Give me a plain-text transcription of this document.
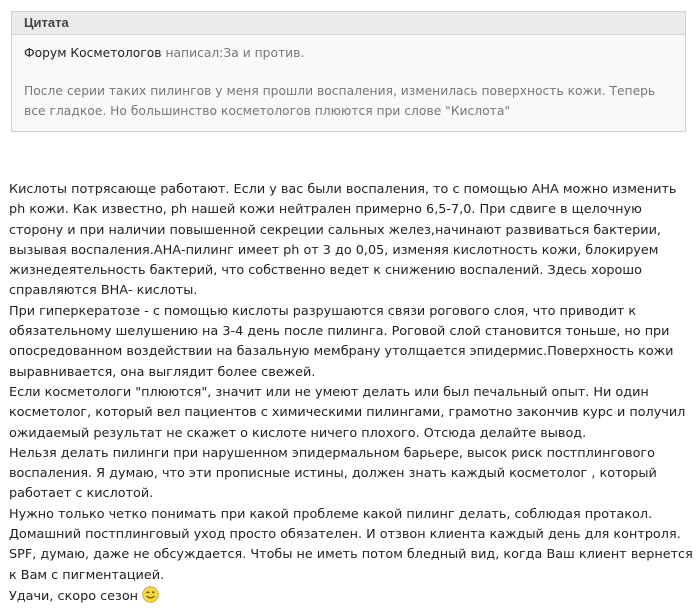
Цитата
Форум Косметологов написал:За и против.
После серии таких пилингов у меня прошли воспаления, изменилась поверхность кожи. Теперь все гладкое. Но большинство косметологов плюются при слове "Кислота"

Кислоты потрясающе работают. Если у вас были воспаления, то с помощью АНА можно изменить ph кожи. Как известно, ph нашей кожи нейтрален примерно 6,5-7,0. При сдвиге в щелочную сторону и при наличии повышенной секреции сальных желез,начинают развиваться бактерии, вызывая воспаления.АНА-пилинг имеет ph от 3 до 0,05, изменяя кислотность кожи, блокируем жизнедеятельность бактерий, что собственно ведет к снижению воспалений. Здесь хорошо справляются ВНА- кислоты.

При гиперкератозе - с помощью кислоты разрушаются связи рогового слоя, что приводит к обязательному шелушению на 3-4 день после пилинга. Роговой слой становится тоньше, но при опосредованном воздействии на базальную мембрану утолщается эпидермис.Поверхность кожи выравнивается, она выглядит более свежей.

Если косметологи "плюются", значит или не умеют делать или был печальный опыт. Ни один косметолог, который вел пациентов с химическими пилингами, грамотно закончив курс и получил ожидаемый результат не скажет о кислоте ничего плохого. Отсюда делайте вывод.

Нельзя делать пилинги при нарушенном эпидермальном барьере, высок риск постплингового воспаления. Я думаю, что эти прописные истины, должен знать каждый косметолог , который работает с кислотой.

Нужно только четко понимать при какой проблеме какой пилинг делать, соблюдая протакол.

Домашний постплинговый уход просто обязателен. И отзвон клиента каждый день для контроля. SPF, думаю, даже не обсуждается. Чтобы не иметь потом бледный вид, когда Ваш клиент вернется к Вам с пигментацией.

Удачи, скоро сезон
